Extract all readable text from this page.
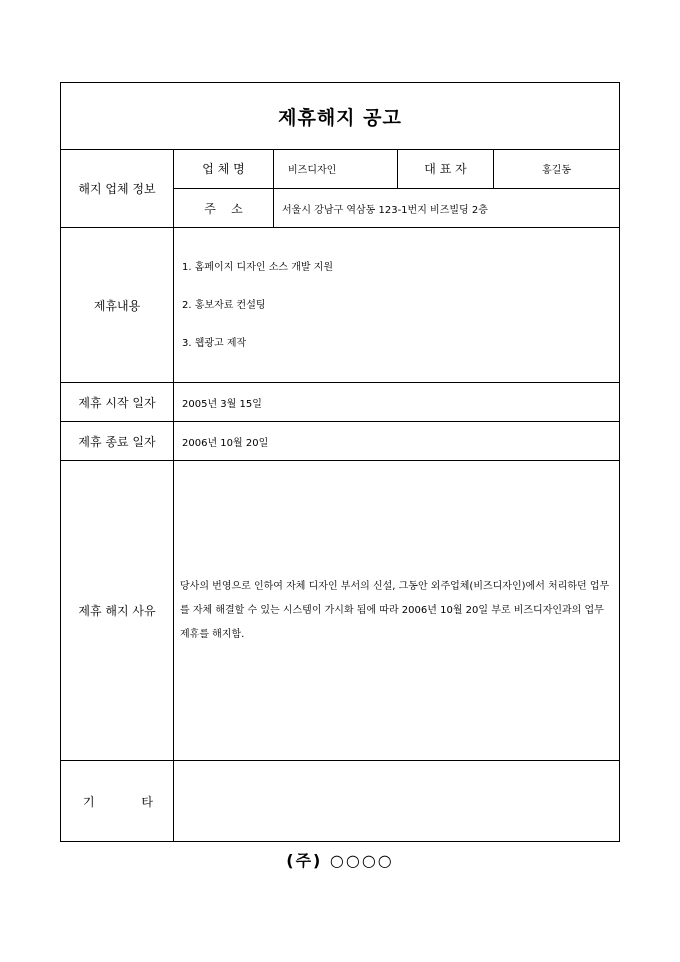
제휴해지 공고
해지 업체 정보
업 체 명	비즈디자인	대 표 자	홍길동
주    소	서울시 강남구 역삼동 123-1번지 비즈빌딩 2층
제휴내용
1. 홈페이지 디자인 소스 개발 지원
2. 홍보자료 컨설팅
3. 웹광고 제작
제휴 시작 일자	2005년 3월 15일
제휴 종료 일자	2006년 10월 20일
제휴 해지 사유
당사의 번영으로 인하여 자체 디자인 부서의 신설, 그동안 외주업체(비즈디자인)에서 처리하던 업무를 자체 해결할 수 있는 시스템이 가시화 됨에 따라 2006년 10월 20일 부로 비즈디자인과의 업무제휴를 해지함.
기	타
(주) ○○○○
